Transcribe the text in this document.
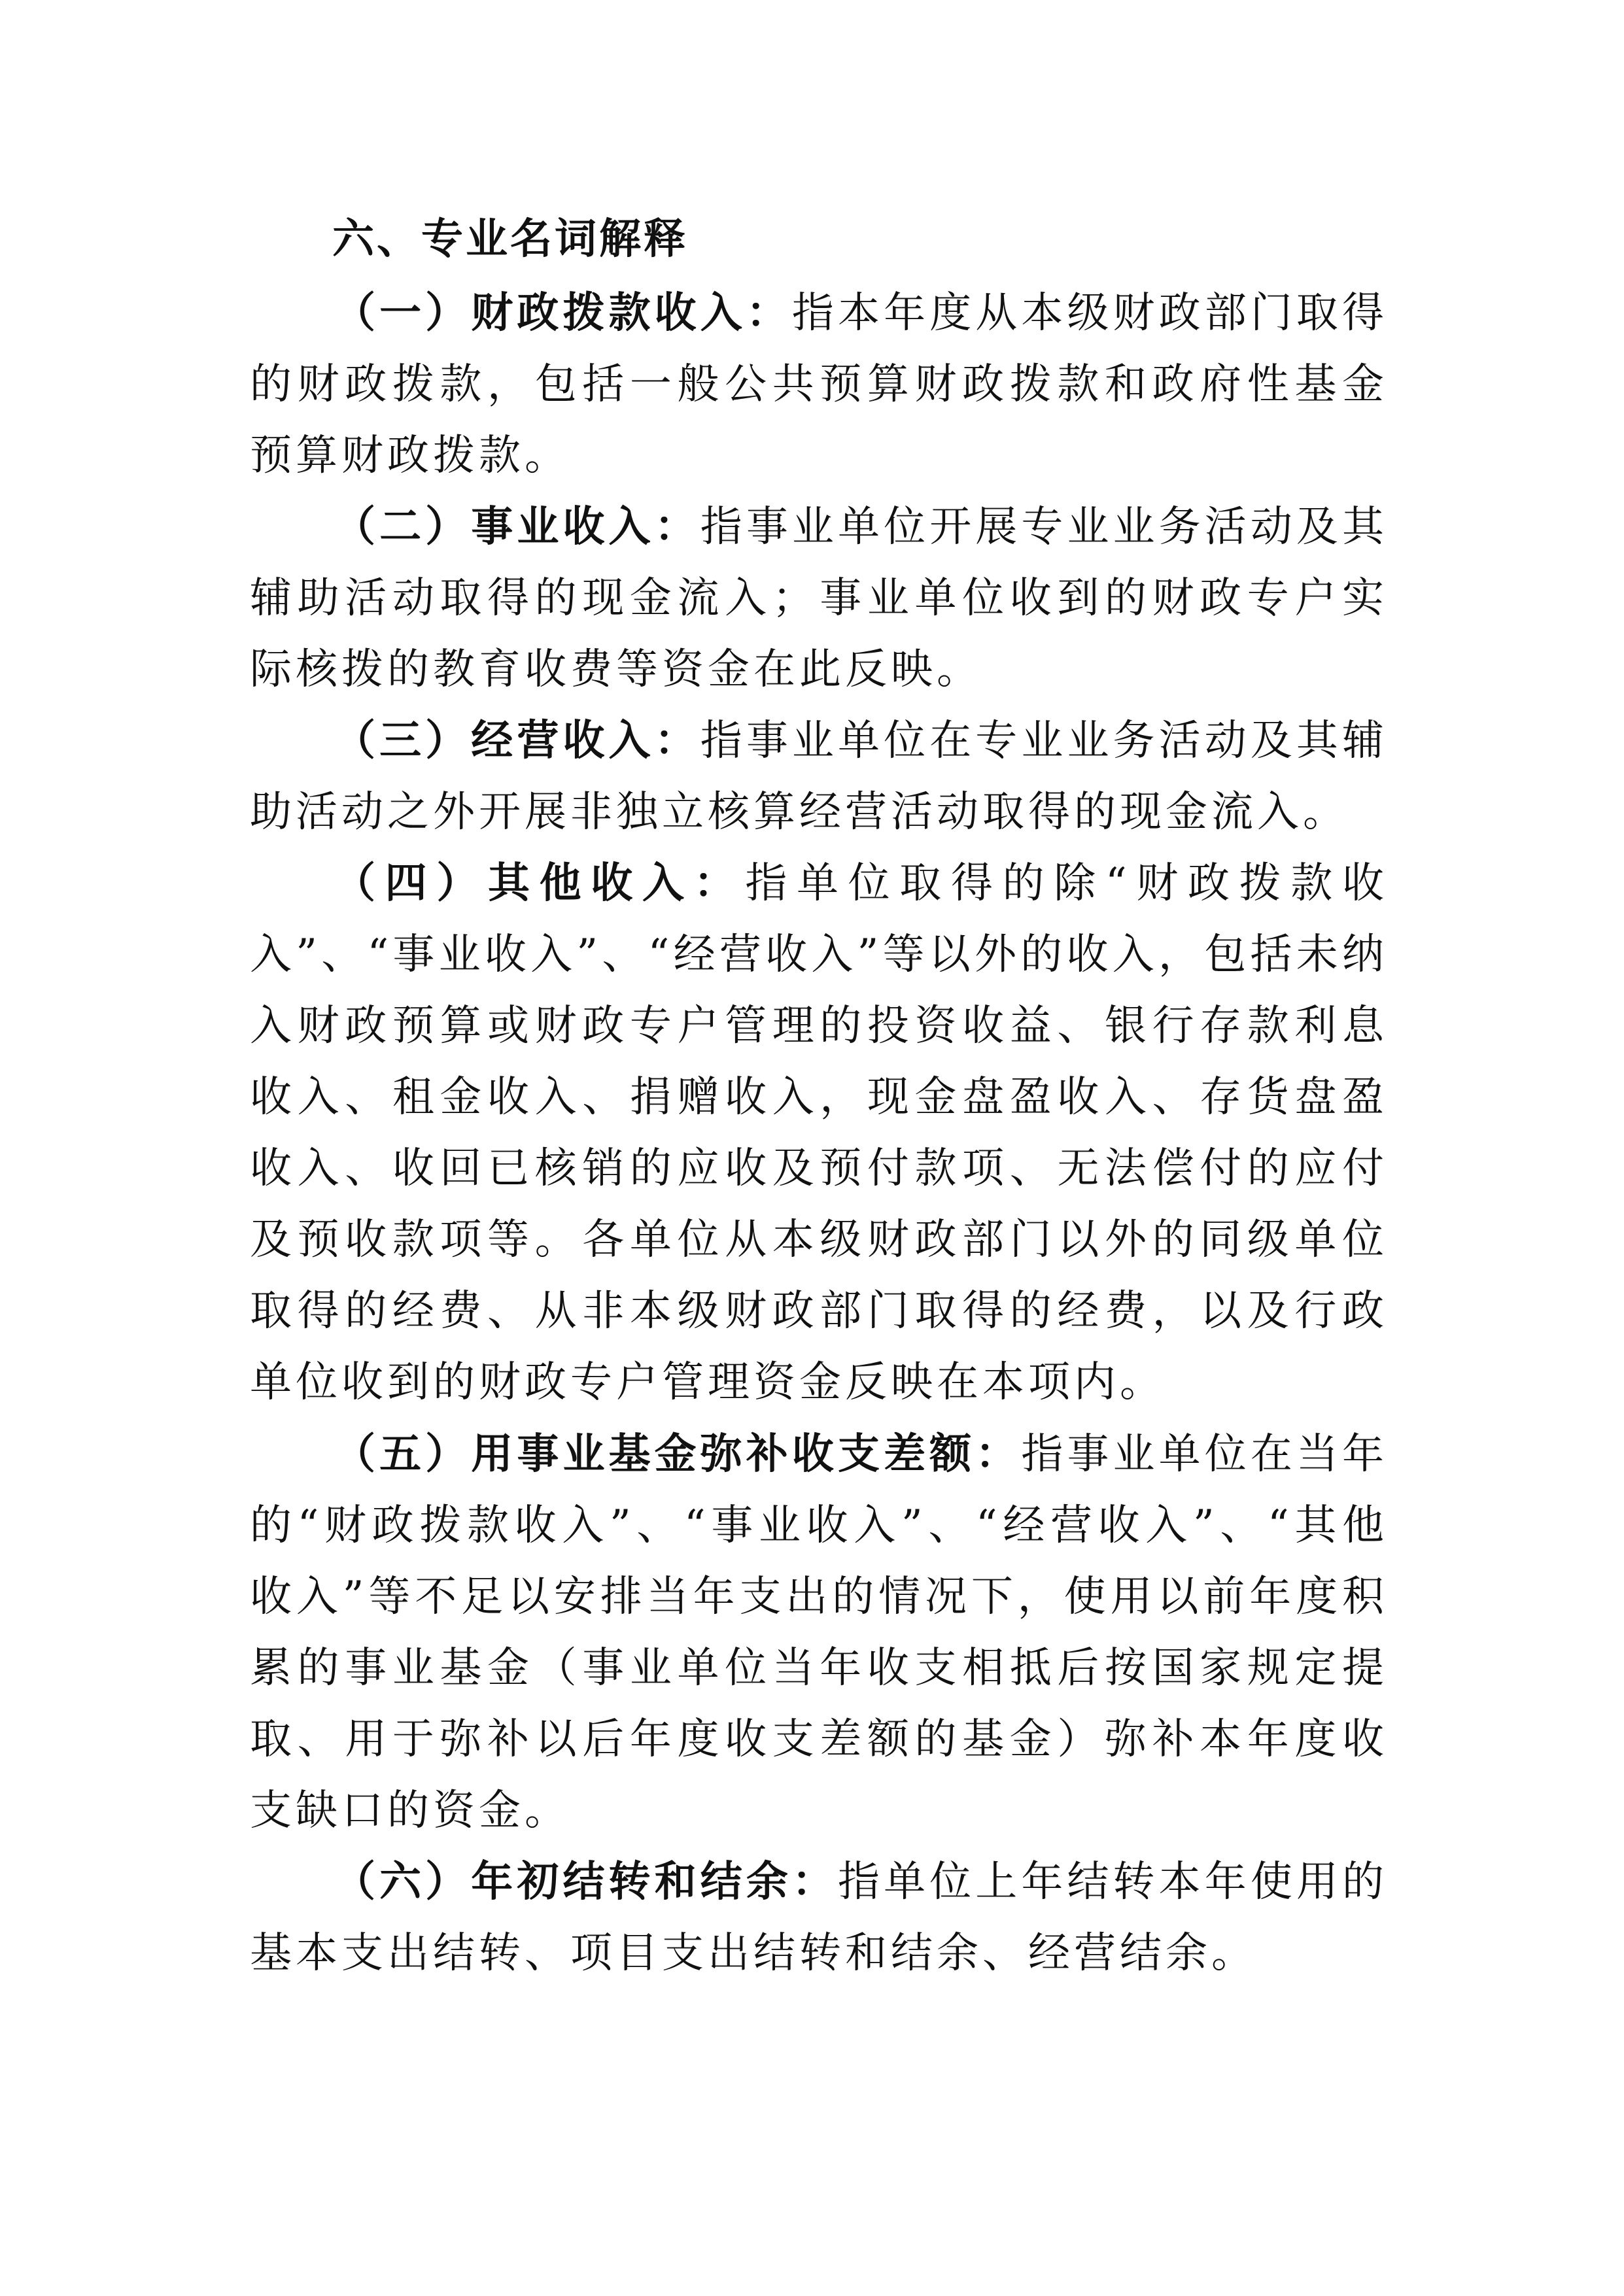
六、专业名词解释

（一）财政拨款收入：指本年度从本级财政部门取得的财政拨款，包括一般公共预算财政拨款和政府性基金预算财政拨款。

（二）事业收入：指事业单位开展专业业务活动及其辅助活动取得的现金流入；事业单位收到的财政专户实际核拨的教育收费等资金在此反映。

（三）经营收入：指事业单位在专业业务活动及其辅助活动之外开展非独立核算经营活动取得的现金流入。

（四）其他收入：指单位取得的除“财政拨款收入”、“事业收入”、“经营收入”等以外的收入，包括未纳入财政预算或财政专户管理的投资收益、银行存款利息收入、租金收入、捐赠收入，现金盘盈收入、存货盘盈收入、收回已核销的应收及预付款项、无法偿付的应付及预收款项等。各单位从本级财政部门以外的同级单位取得的经费、从非本级财政部门取得的经费，以及行政单位收到的财政专户管理资金反映在本项内。

（五）用事业基金弥补收支差额：指事业单位在当年的“财政拨款收入”、“事业收入”、“经营收入”、“其他收入”等不足以安排当年支出的情况下，使用以前年度积累的事业基金（事业单位当年收支相抵后按国家规定提取、用于弥补以后年度收支差额的基金）弥补本年度收支缺口的资金。

（六）年初结转和结余：指单位上年结转本年使用的基本支出结转、项目支出结转和结余、经营结余。
